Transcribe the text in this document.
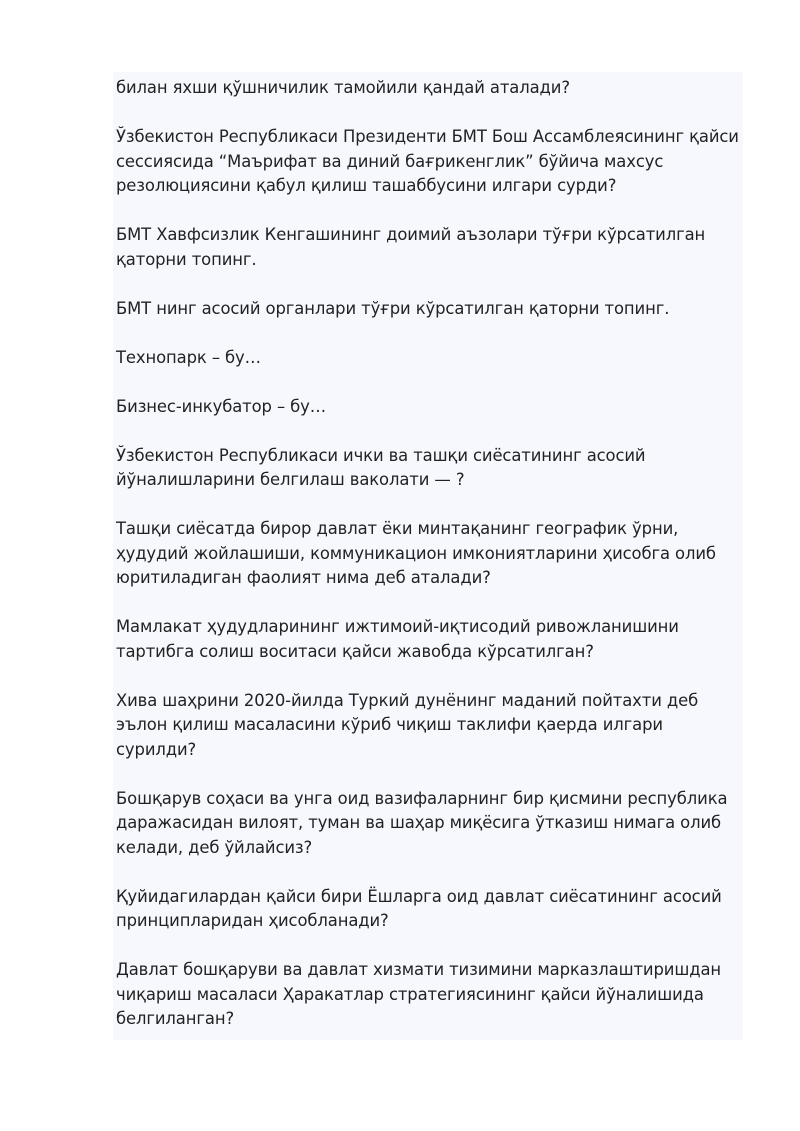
билан яхши қўшничилик тамойили қандай аталади?

Ўзбекистон Республикаси Президенти БМТ Бош Ассамблеясининг қайси сессиясида “Маърифат ва диний бағрикенглик” бўйича махсус резолюциясини қабул қилиш ташаббусини илгари сурди?

БМТ Хавфсизлик Кенгашининг доимий аъзолари тўғри кўрсатилган қаторни топинг.

БМТ нинг асосий органлари тўғри кўрсатилган қаторни топинг.

Технопарк – бу…

Бизнес-инкубатор – бу…

Ўзбекистон Республикаси ички ва ташқи сиёсатининг асосий йўналишларини белгилаш ваколати — ?

Ташқи сиёсатда бирор давлат ёки минтақанинг географик ўрни, ҳудудий жойлашиши, коммуникацион имкониятларини ҳисобга олиб юритиладиган фаолият нима деб аталади?

Мамлакат ҳудудларининг ижтимоий-иқтисодий ривожланишини тартибга солиш воситаси қайси жавобда кўрсатилган?

Хива шаҳрини 2020-йилда Туркий дунёнинг маданий пойтахти деб эълон қилиш масаласини кўриб чиқиш таклифи қаерда илгари сурилди?

Бошқарув соҳаси ва унга оид вазифаларнинг бир қисмини республика даражасидан вилоят, туман ва шаҳар миқёсига ўтказиш нимага олиб келади, деб ўйлайсиз?

Қуйидагилардан қайси бири Ёшларга оид давлат сиёсатининг асосий принципларидан ҳисобланади?

Давлат бошқаруви ва давлат хизмати тизимини марказлаштиришдан чиқариш масаласи Ҳаракатлар стратегиясининг қайси йўналишида белгиланган?
